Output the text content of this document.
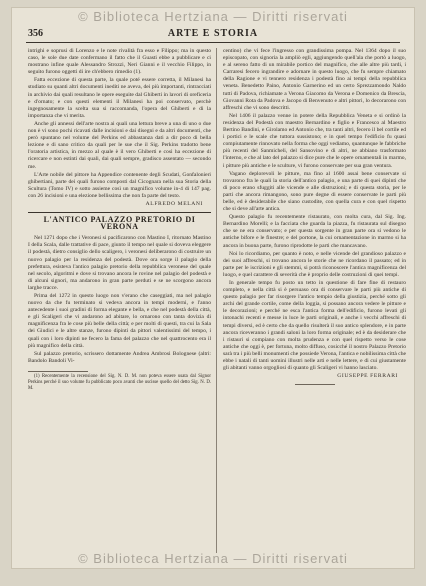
© Biblioteca Hertziana — Diritti riservati
356	ARTE E STORIA

intrighi e soprusi di Lorenzo e le note rivalità fra esso e Filippo; ma in questo caso, le sole due date confermano il fatto che il Guasti ebbe a pubblicare e ci mostrano infine quale Alessandro Strozzi, Neri Gianni e il vecchio Filippo, in seguito furono oggetti di ire ch'ebbero rimedio (1).

Fatta eccezione di questa parte, la quale poté essere corretta, il Milanesi ha studiato su quanti altri documenti inediti ne aveva, dei più importanti, rintracciati in archivio dai quali resultano le opere eseguite dal Ghiberti in lavori di oreficeria e d'ornato; e con questi elementi il Milanesi ha poi conservato, perchè ingegnosamente la scelta sua si raccomanda, l'opera del Ghiberti e di la importanza che vi merita.

Anche gli annessi dell'arte nostra ai quali una lettura breve a una di uno o due non è vi sono pochi ricavati dalle incisioni e dai disegni e da altri documenti, che però spuntano nel volume del Perkins ed abbastanza dati a dir poco di bella lezione e di sano critico da quali per le sue che il Sig. Perkins tradotto bene l'oratoria artistica, in mezzo al quale è il vero Ghiberti e così ha eccezione di ricercare e non estinti dai quali, dai quali sempre, gradisco assentato — secondo me.

L'Arte nobile del pittore ha Appendice contenente degli Scudati, Gonfalonieri ghibertiani, parte dei quali furono composti dal Cicognara nella sua Storia della Scultura (Tomo IV) e sotto assieme così un magnifico volume in-4 di 147 pag. con 26 incisioni e una elezione bellissima che non fa parte del testo.

ALFREDO MELANI
L'ANTICO PALAZZO PRETORIO DI VERONA

Nel 1271 dopo che i Veronesi si pacificarono con Mastino I, ritornato Mastino I della Scala, dalle trattative di pace, giunto il tempo nel quale si doveva eleggere il podestà, dietro consiglio dello scaligero, i veronesi deliberarono di costruire un nuovo palagio per la residenza del podestà. Dove ora sorge il palagio della prefettura, esisteva l'antico palagio pretorio della repubblica veronese del quale nel secolo, algoritmi e dove si trovano ancora le rovine nel palagio del podestà e di alcuni signori, ma andarono in gran parte perduti e se ne scorgono ancora larghe tracce.

Prima del 1272 in questo luogo non v'erano che caseggiati, ma nel palagio nuovo da che fu terminato si vedeva ancora in tempi moderni, e l'anno antecedente i suoi gradini di forma elegante e bella, e che nel podestà della città, e gli Scaligeri che vi andarono ad abitare, lo ornarono con tanta dovizia di magnificenza fra le cose più belle della città; e per molti di questi, tra cui la Sala dei Giudici e le altre stanze, furono dipinti da pittori valentissimi del tempo, i quali con i loro dipinti ne fecero la fama del palazzo che nel quattrocento era il più magnifico della città.

Sul palazzo pretorio, scrissero dottamente Andrea Ambrosi Bolognese (altri: Bandolo Bandoli Vi-

(1) Recentemente la recensione del Sig. N. D. M. non poteva essere usata dal Signor Perkins perché il suo volume fu pubblicato poco avanti che uscisse quello del detto Sig. N. D. M.

centino) che vi fece l'ingresso con grandissima pompa. Nel 1364 dopo il suo episcopato, con signoria la ampliò egli, aggiungendo quell'ala che portò a luogo, e al sereno fatto di un mirabile portico del magnifico, che alle altre più tardi, i Carraresi fecero ingrandire e adornare in questo luogo, che fu sempre chiamato della Ragione e vi tennero residenza i podestà fino ai tempi della repubblica veneta. Benedetto Paino, Antonio Garnerino ed un certo Sprezzamondo Naldo tutti di Padova, richiamate a Verona Giacomo da Verona e Domenico da Brescia, Giovanni Rota da Padova e Jacopo di Benvenuto e altri pittori, lo decorarono con affreschi che vi sono descritti.

Nel 1406 il palazzo venne in potere della Repubblica Veneta e si ordinò la residenza del Podestà con maestro Bernardino e figlio e Francesco al Maestro Bertino Bandini, e Girolamo ed Antonio che, tra tanti altri, fecero il bel cortile ed i portici e le scale che tuttora sussistono; e in quel tempo l'edificio fu quasi compiutamente rinnovato nella forma che oggi vediamo, quantunque le fabbriche più recenti del Sanmicheli, del Sansovino e di altri, ne abbiano trasformato l'interno, e che al lato del palazzo si dice pure che le opere ornamentali in marmo, i pitture più antiche e le sculture, vi furono conservate per sua gran ventura.

Vagano deplorevoli le pitture, ma fino al 1600 assai bene conservate si trovarono fra le quali la storia dell'antico palagio, e una parte di quei dipinti che di poco erano sfuggiti alle vicende e alle distruzioni; e di questa storia, per le parti che ancora rimangono, sono pure degne di essere conservate le parti più belle, ed è desiderabile che siano custodite, con quella cura e con quel rispetto che si deve all'arte antica.

Questo palagio fu recentemente ristaurato, con molta cura, dal Sig. Ing. Bernardino Morelli; e la facciata che guarda la piazza, fu ristaurata sul disegno che se ne era conservato; e per questa sorgente in gran parte ora si vedono le antiche bifore e le finestre; e del portone, la cui ornamentazione in marmo si ha ancora in buona parte, furono riprodotte le parti che mancavano.

Noi lo ricordiamo, per quanto è noto, e nelle vicende del grandioso palazzo e dei suoi affreschi, si trovano ancora le storie che ne ricordano il passato; ed in parte per le iscrizioni e gli stemmi, si potrà riconoscere l'antica magnificenza del luogo, e quel carattere di severità che è proprio delle costruzioni di quei tempi.

In generale tempo fu posto un tetto in questione di fare fine di restauro completo, e nella città si è persuaso ora di conservare le parti più antiche di questo palagio per far risorgere l'antico tempio della giustizia, perché sotto gli archi del grande cortile, come della loggia, si possano ancora vedere le pitture e le decorazioni; e perché ne esca l'antica forma dell'edificio, furono levati gli intonachi recenti e messe in luce le parti originali, e anche i vecchi affreschi di tempi diversi, ed è certo che da quello risulterà il suo antico splendore, e in parte ancora riceveranno i grandi saloni la loro forma originale; ed è da desiderare che i ristauri si compiano con molta prudenza e con quel rispetto verso le cose antiche che oggi è, per fortuna, molto diffuso, cosicché il nostro Palazzo Pretorio sarà tra i più belli monumenti che possiede Verona, l'antica e nobilissima città che ebbe i natali di tanti uomini illustri nelle arti e nelle lettere, e di cui giustamente gli abitanti vanno orgogliosi di quanto gli Scaligeri vi hanno lasciato.

GIUSEPPE FERRARI
© Biblioteca Hertziana — Diritti riservati
